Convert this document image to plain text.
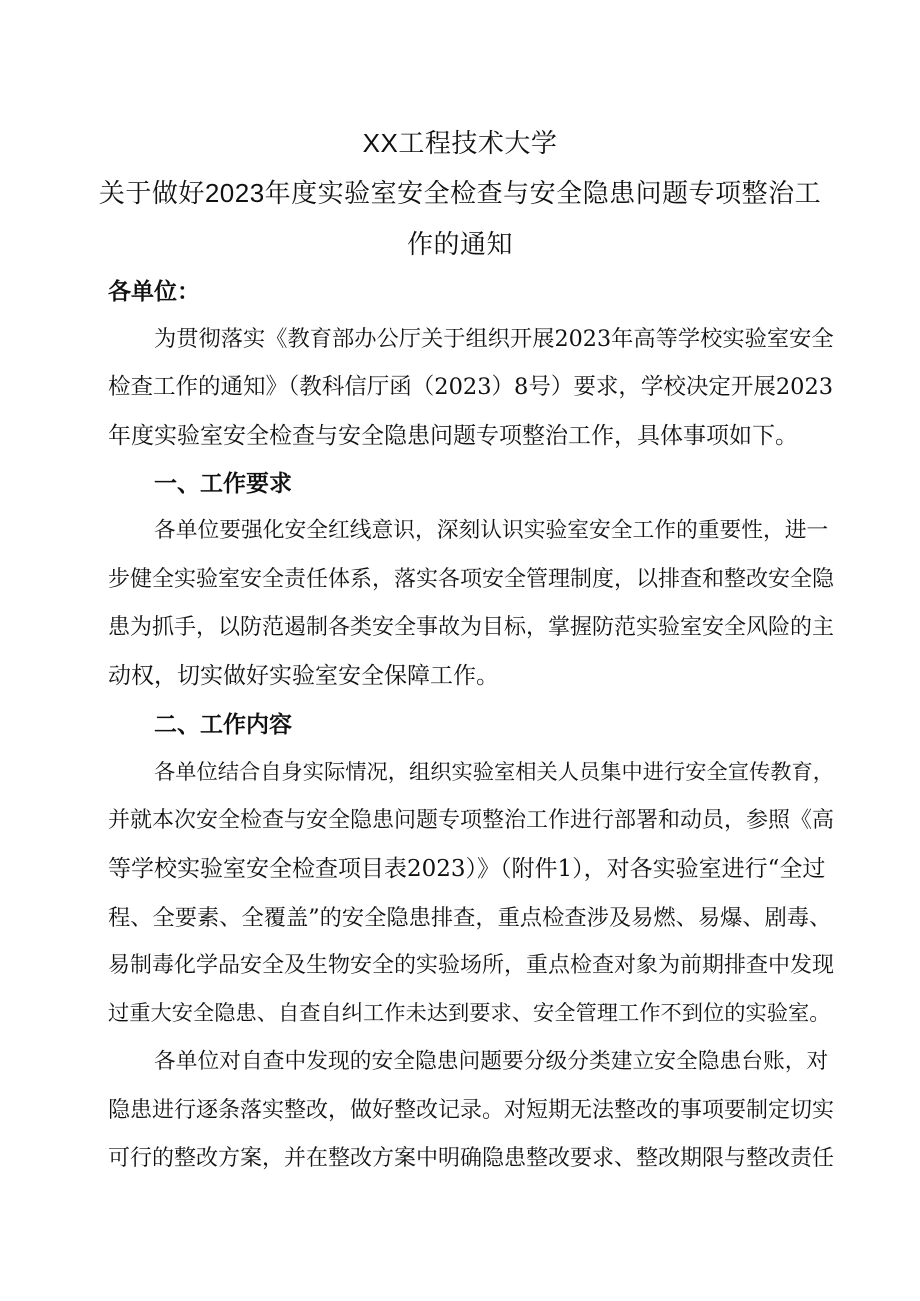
XX工程技术大学
关于做好2023年度实验室安全检查与安全隐患问题专项整治工
作的通知
各单位：
为贯彻落实《教育部办公厅关于组织开展2023年高等学校实验室安全
检查工作的通知》（教科信厅函（2023）8号）要求，学校决定开展2023
年度实验室安全检查与安全隐患问题专项整治工作，具体事项如下。
一、工作要求
各单位要强化安全红线意识，深刻认识实验室安全工作的重要性，进一
步健全实验室安全责任体系，落实各项安全管理制度，以排查和整改安全隐
患为抓手，以防范遏制各类安全事故为目标，掌握防范实验室安全风险的主
动权，切实做好实验室安全保障工作。
二、工作内容
各单位结合自身实际情况，组织实验室相关人员集中进行安全宣传教育，
并就本次安全检查与安全隐患问题专项整治工作进行部署和动员，参照《高
等学校实验室安全检查项目表2023）》（附件1），对各实验室进行“全过
程、全要素、全覆盖”的安全隐患排查，重点检查涉及易燃、易爆、剧毒、
易制毒化学品安全及生物安全的实验场所，重点检查对象为前期排查中发现
过重大安全隐患、自查自纠工作未达到要求、安全管理工作不到位的实验室。
各单位对自查中发现的安全隐患问题要分级分类建立安全隐患台账，对
隐患进行逐条落实整改，做好整改记录。对短期无法整改的事项要制定切实
可行的整改方案，并在整改方案中明确隐患整改要求、整改期限与整改责任
